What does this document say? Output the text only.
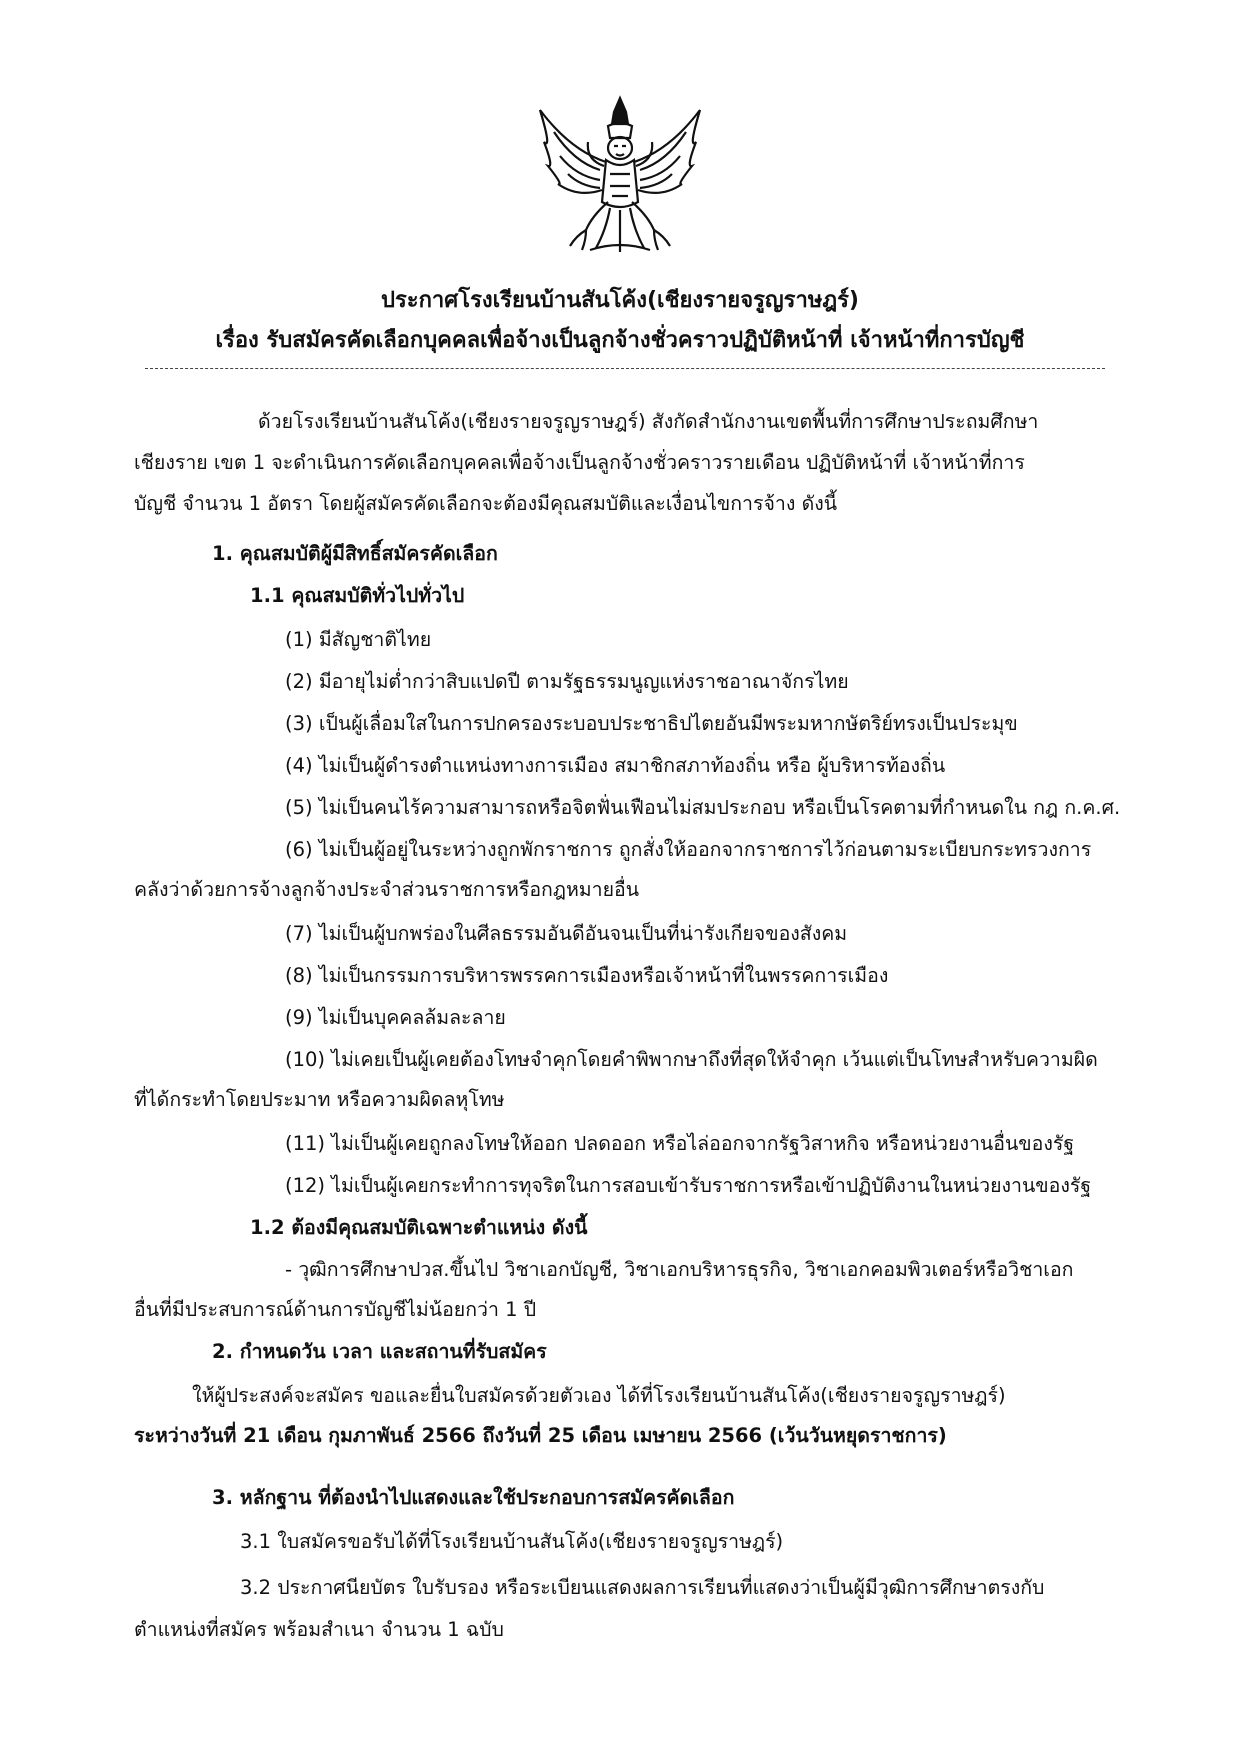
ประกาศโรงเรียนบ้านสันโค้ง(เชียงรายจรูญราษฎร์)
เรื่อง รับสมัครคัดเลือกบุคคลเพื่อจ้างเป็นลูกจ้างชั่วคราวปฏิบัติหน้าที่ เจ้าหน้าที่การบัญชี
ด้วยโรงเรียนบ้านสันโค้ง(เชียงรายจรูญราษฎร์) สังกัดสำนักงานเขตพื้นที่การศึกษาประถมศึกษา
เชียงราย เขต 1 จะดำเนินการคัดเลือกบุคคลเพื่อจ้างเป็นลูกจ้างชั่วคราวรายเดือน ปฏิบัติหน้าที่ เจ้าหน้าที่การ
บัญชี จำนวน 1 อัตรา โดยผู้สมัครคัดเลือกจะต้องมีคุณสมบัติและเงื่อนไขการจ้าง ดังนี้
1. คุณสมบัติผู้มีสิทธิ์สมัครคัดเลือก
1.1 คุณสมบัติทั่วไปทั่วไป
(1) มีสัญชาติไทย
(2) มีอายุไม่ต่ำกว่าสิบแปดปี ตามรัฐธรรมนูญแห่งราชอาณาจักรไทย
(3) เป็นผู้เลื่อมใสในการปกครองระบอบประชาธิปไตยอันมีพระมหากษัตริย์ทรงเป็นประมุข
(4) ไม่เป็นผู้ดำรงตำแหน่งทางการเมือง สมาชิกสภาท้องถิ่น หรือ ผู้บริหารท้องถิ่น
(5) ไม่เป็นคนไร้ความสามารถหรือจิตฟั่นเฟือนไม่สมประกอบ หรือเป็นโรคตามที่กำหนดใน กฎ ก.ค.ศ.
(6) ไม่เป็นผู้อยู่ในระหว่างถูกพักราชการ ถูกสั่งให้ออกจากราชการไว้ก่อนตามระเบียบกระทรวงการ
คลังว่าด้วยการจ้างลูกจ้างประจำส่วนราชการหรือกฎหมายอื่น
(7) ไม่เป็นผู้บกพร่องในศีลธรรมอันดีอันจนเป็นที่น่ารังเกียจของสังคม
(8) ไม่เป็นกรรมการบริหารพรรคการเมืองหรือเจ้าหน้าที่ในพรรคการเมือง
(9) ไม่เป็นบุคคลล้มละลาย
(10) ไม่เคยเป็นผู้เคยต้องโทษจำคุกโดยคำพิพากษาถึงที่สุดให้จำคุก เว้นแต่เป็นโทษสำหรับความผิด
ที่ได้กระทำโดยประมาท หรือความผิดลหุโทษ
(11) ไม่เป็นผู้เคยถูกลงโทษให้ออก ปลดออก หรือไล่ออกจากรัฐวิสาหกิจ หรือหน่วยงานอื่นของรัฐ
(12) ไม่เป็นผู้เคยกระทำการทุจริตในการสอบเข้ารับราชการหรือเข้าปฏิบัติงานในหน่วยงานของรัฐ
1.2 ต้องมีคุณสมบัติเฉพาะตำแหน่ง ดังนี้
- วุฒิการศึกษาปวส.ขึ้นไป วิชาเอกบัญชี, วิชาเอกบริหารธุรกิจ, วิชาเอกคอมพิวเตอร์หรือวิชาเอก
อื่นที่มีประสบการณ์ด้านการบัญชีไม่น้อยกว่า 1 ปี
2. กำหนดวัน เวลา และสถานที่รับสมัคร
ให้ผู้ประสงค์จะสมัคร ขอและยื่นใบสมัครด้วยตัวเอง ได้ที่โรงเรียนบ้านสันโค้ง(เชียงรายจรูญราษฎร์)
ระหว่างวันที่ 21 เดือน กุมภาพันธ์ 2566 ถึงวันที่ 25 เดือน เมษายน 2566 (เว้นวันหยุดราชการ)
3. หลักฐาน ที่ต้องนำไปแสดงและใช้ประกอบการสมัครคัดเลือก
3.1 ใบสมัครขอรับได้ที่โรงเรียนบ้านสันโค้ง(เชียงรายจรูญราษฎร์)
3.2 ประกาศนียบัตร ใบรับรอง หรือระเบียนแสดงผลการเรียนที่แสดงว่าเป็นผู้มีวุฒิการศึกษาตรงกับ
ตำแหน่งที่สมัคร พร้อมสำเนา จำนวน 1 ฉบับ
